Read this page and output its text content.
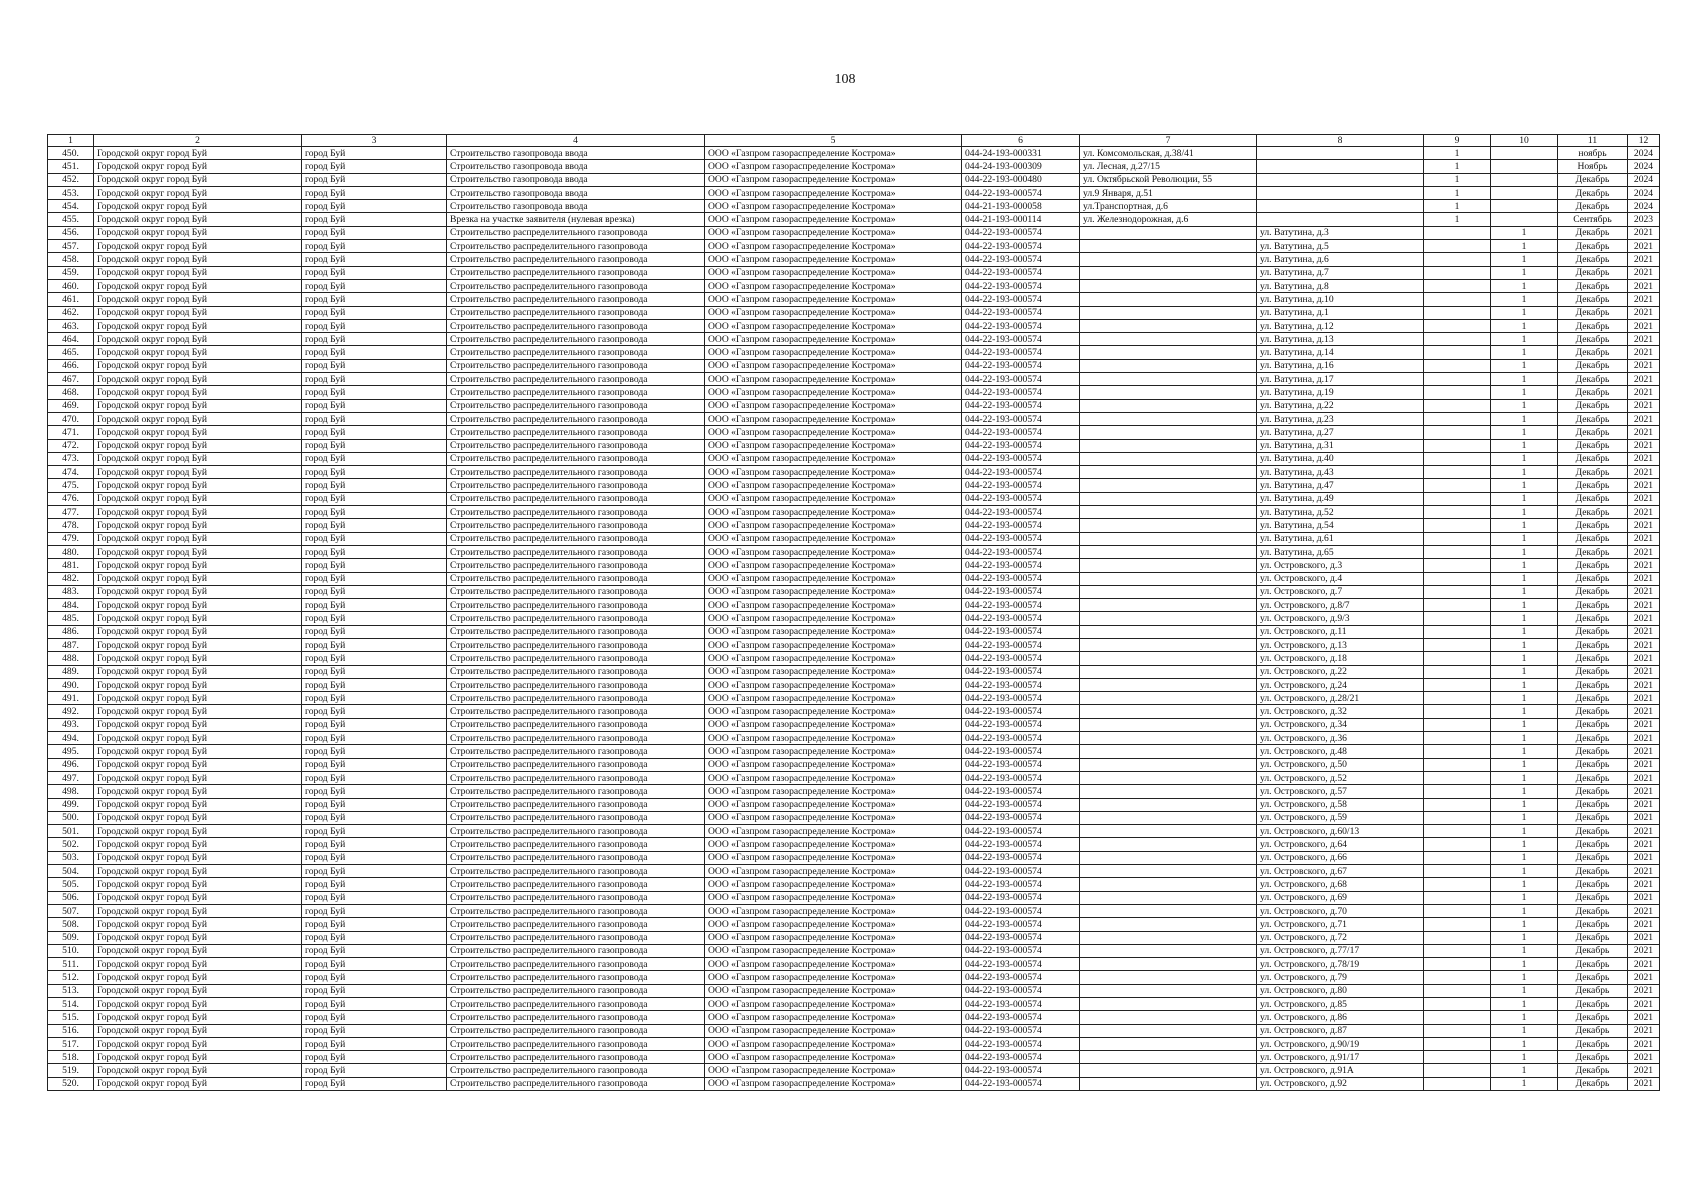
108
1	2	3	4	5	6	7	8	9	10	11	12
450.	Городской округ город Буй	город Буй	Строительство газопровода ввода	ООО «Газпром газораспределение Кострома»	044-24-193-000331	ул. Комсомольская, д.38/41		1		ноябрь	2024
451.	Городской округ город Буй	город Буй	Строительство газопровода ввода	ООО «Газпром газораспределение Кострома»	044-24-193-000309	ул. Лесная, д.27/15		1		Ноябрь	2024
452.	Городской округ город Буй	город Буй	Строительство газопровода ввода	ООО «Газпром газораспределение Кострома»	044-22-193-000480	ул. Октябрьской Революции, 55		1		Декабрь	2024
453.	Городской округ город Буй	город Буй	Строительство газопровода ввода	ООО «Газпром газораспределение Кострома»	044-22-193-000574	ул.9 Января, д.51		1		Декабрь	2024
454.	Городской округ город Буй	город Буй	Строительство газопровода ввода	ООО «Газпром газораспределение Кострома»	044-21-193-000058	ул.Транспортная, д.6		1		Декабрь	2024
455.	Городской округ город Буй	город Буй	Врезка на участке заявителя (нулевая врезка)	ООО «Газпром газораспределение Кострома»	044-21-193-000114	ул. Железнодорожная, д.6		1		Сентябрь	2023
456.	Городской округ город Буй	город Буй	Строительство распределительного газопровода	ООО «Газпром газораспределение Кострома»	044-22-193-000574		ул. Ватутина, д.3		1	Декабрь	2021
457.	Городской округ город Буй	город Буй	Строительство распределительного газопровода	ООО «Газпром газораспределение Кострома»	044-22-193-000574		ул. Ватутина, д.5		1	Декабрь	2021
458.	Городской округ город Буй	город Буй	Строительство распределительного газопровода	ООО «Газпром газораспределение Кострома»	044-22-193-000574		ул. Ватутина, д.6		1	Декабрь	2021
459.	Городской округ город Буй	город Буй	Строительство распределительного газопровода	ООО «Газпром газораспределение Кострома»	044-22-193-000574		ул. Ватутина, д.7		1	Декабрь	2021
460.	Городской округ город Буй	город Буй	Строительство распределительного газопровода	ООО «Газпром газораспределение Кострома»	044-22-193-000574		ул. Ватутина, д.8		1	Декабрь	2021
461.	Городской округ город Буй	город Буй	Строительство распределительного газопровода	ООО «Газпром газораспределение Кострома»	044-22-193-000574		ул. Ватутина, д.10		1	Декабрь	2021
462.	Городской округ город Буй	город Буй	Строительство распределительного газопровода	ООО «Газпром газораспределение Кострома»	044-22-193-000574		ул. Ватутина, д.1		1	Декабрь	2021
463.	Городской округ город Буй	город Буй	Строительство распределительного газопровода	ООО «Газпром газораспределение Кострома»	044-22-193-000574		ул. Ватутина, д.12		1	Декабрь	2021
464.	Городской округ город Буй	город Буй	Строительство распределительного газопровода	ООО «Газпром газораспределение Кострома»	044-22-193-000574		ул. Ватутина, д.13		1	Декабрь	2021
465.	Городской округ город Буй	город Буй	Строительство распределительного газопровода	ООО «Газпром газораспределение Кострома»	044-22-193-000574		ул. Ватутина, д.14		1	Декабрь	2021
466.	Городской округ город Буй	город Буй	Строительство распределительного газопровода	ООО «Газпром газораспределение Кострома»	044-22-193-000574		ул. Ватутина, д.16		1	Декабрь	2021
467.	Городской округ город Буй	город Буй	Строительство распределительного газопровода	ООО «Газпром газораспределение Кострома»	044-22-193-000574		ул. Ватутина, д.17		1	Декабрь	2021
468.	Городской округ город Буй	город Буй	Строительство распределительного газопровода	ООО «Газпром газораспределение Кострома»	044-22-193-000574		ул. Ватутина, д.19		1	Декабрь	2021
469.	Городской округ город Буй	город Буй	Строительство распределительного газопровода	ООО «Газпром газораспределение Кострома»	044-22-193-000574		ул. Ватутина, д.22		1	Декабрь	2021
470.	Городской округ город Буй	город Буй	Строительство распределительного газопровода	ООО «Газпром газораспределение Кострома»	044-22-193-000574		ул. Ватутина, д.23		1	Декабрь	2021
471.	Городской округ город Буй	город Буй	Строительство распределительного газопровода	ООО «Газпром газораспределение Кострома»	044-22-193-000574		ул. Ватутина, д.27		1	Декабрь	2021
472.	Городской округ город Буй	город Буй	Строительство распределительного газопровода	ООО «Газпром газораспределение Кострома»	044-22-193-000574		ул. Ватутина, д.31		1	Декабрь	2021
473.	Городской округ город Буй	город Буй	Строительство распределительного газопровода	ООО «Газпром газораспределение Кострома»	044-22-193-000574		ул. Ватутина, д.40		1	Декабрь	2021
474.	Городской округ город Буй	город Буй	Строительство распределительного газопровода	ООО «Газпром газораспределение Кострома»	044-22-193-000574		ул. Ватутина, д.43		1	Декабрь	2021
475.	Городской округ город Буй	город Буй	Строительство распределительного газопровода	ООО «Газпром газораспределение Кострома»	044-22-193-000574		ул. Ватутина, д.47		1	Декабрь	2021
476.	Городской округ город Буй	город Буй	Строительство распределительного газопровода	ООО «Газпром газораспределение Кострома»	044-22-193-000574		ул. Ватутина, д.49		1	Декабрь	2021
477.	Городской округ город Буй	город Буй	Строительство распределительного газопровода	ООО «Газпром газораспределение Кострома»	044-22-193-000574		ул. Ватутина, д.52		1	Декабрь	2021
478.	Городской округ город Буй	город Буй	Строительство распределительного газопровода	ООО «Газпром газораспределение Кострома»	044-22-193-000574		ул. Ватутина, д.54		1	Декабрь	2021
479.	Городской округ город Буй	город Буй	Строительство распределительного газопровода	ООО «Газпром газораспределение Кострома»	044-22-193-000574		ул. Ватутина, д.61		1	Декабрь	2021
480.	Городской округ город Буй	город Буй	Строительство распределительного газопровода	ООО «Газпром газораспределение Кострома»	044-22-193-000574		ул. Ватутина, д.65		1	Декабрь	2021
481.	Городской округ город Буй	город Буй	Строительство распределительного газопровода	ООО «Газпром газораспределение Кострома»	044-22-193-000574		ул. Островского, д.3		1	Декабрь	2021
482.	Городской округ город Буй	город Буй	Строительство распределительного газопровода	ООО «Газпром газораспределение Кострома»	044-22-193-000574		ул. Островского, д.4		1	Декабрь	2021
483.	Городской округ город Буй	город Буй	Строительство распределительного газопровода	ООО «Газпром газораспределение Кострома»	044-22-193-000574		ул. Островского, д.7		1	Декабрь	2021
484.	Городской округ город Буй	город Буй	Строительство распределительного газопровода	ООО «Газпром газораспределение Кострома»	044-22-193-000574		ул. Островского, д.8/7		1	Декабрь	2021
485.	Городской округ город Буй	город Буй	Строительство распределительного газопровода	ООО «Газпром газораспределение Кострома»	044-22-193-000574		ул. Островского, д.9/3		1	Декабрь	2021
486.	Городской округ город Буй	город Буй	Строительство распределительного газопровода	ООО «Газпром газораспределение Кострома»	044-22-193-000574		ул. Островского, д.11		1	Декабрь	2021
487.	Городской округ город Буй	город Буй	Строительство распределительного газопровода	ООО «Газпром газораспределение Кострома»	044-22-193-000574		ул. Островского, д.13		1	Декабрь	2021
488.	Городской округ город Буй	город Буй	Строительство распределительного газопровода	ООО «Газпром газораспределение Кострома»	044-22-193-000574		ул. Островского, д.18		1	Декабрь	2021
489.	Городской округ город Буй	город Буй	Строительство распределительного газопровода	ООО «Газпром газораспределение Кострома»	044-22-193-000574		ул. Островского, д.22		1	Декабрь	2021
490.	Городской округ город Буй	город Буй	Строительство распределительного газопровода	ООО «Газпром газораспределение Кострома»	044-22-193-000574		ул. Островского, д.24		1	Декабрь	2021
491.	Городской округ город Буй	город Буй	Строительство распределительного газопровода	ООО «Газпром газораспределение Кострома»	044-22-193-000574		ул. Островского, д.28/21		1	Декабрь	2021
492.	Городской округ город Буй	город Буй	Строительство распределительного газопровода	ООО «Газпром газораспределение Кострома»	044-22-193-000574		ул. Островского, д.32		1	Декабрь	2021
493.	Городской округ город Буй	город Буй	Строительство распределительного газопровода	ООО «Газпром газораспределение Кострома»	044-22-193-000574		ул. Островского, д.34		1	Декабрь	2021
494.	Городской округ город Буй	город Буй	Строительство распределительного газопровода	ООО «Газпром газораспределение Кострома»	044-22-193-000574		ул. Островского, д.36		1	Декабрь	2021
495.	Городской округ город Буй	город Буй	Строительство распределительного газопровода	ООО «Газпром газораспределение Кострома»	044-22-193-000574		ул. Островского, д.48		1	Декабрь	2021
496.	Городской округ город Буй	город Буй	Строительство распределительного газопровода	ООО «Газпром газораспределение Кострома»	044-22-193-000574		ул. Островского, д.50		1	Декабрь	2021
497.	Городской округ город Буй	город Буй	Строительство распределительного газопровода	ООО «Газпром газораспределение Кострома»	044-22-193-000574		ул. Островского, д.52		1	Декабрь	2021
498.	Городской округ город Буй	город Буй	Строительство распределительного газопровода	ООО «Газпром газораспределение Кострома»	044-22-193-000574		ул. Островского, д.57		1	Декабрь	2021
499.	Городской округ город Буй	город Буй	Строительство распределительного газопровода	ООО «Газпром газораспределение Кострома»	044-22-193-000574		ул. Островского, д.58		1	Декабрь	2021
500.	Городской округ город Буй	город Буй	Строительство распределительного газопровода	ООО «Газпром газораспределение Кострома»	044-22-193-000574		ул. Островского, д.59		1	Декабрь	2021
501.	Городской округ город Буй	город Буй	Строительство распределительного газопровода	ООО «Газпром газораспределение Кострома»	044-22-193-000574		ул. Островского, д.60/13		1	Декабрь	2021
502.	Городской округ город Буй	город Буй	Строительство распределительного газопровода	ООО «Газпром газораспределение Кострома»	044-22-193-000574		ул. Островского, д.64		1	Декабрь	2021
503.	Городской округ город Буй	город Буй	Строительство распределительного газопровода	ООО «Газпром газораспределение Кострома»	044-22-193-000574		ул. Островского, д.66		1	Декабрь	2021
504.	Городской округ город Буй	город Буй	Строительство распределительного газопровода	ООО «Газпром газораспределение Кострома»	044-22-193-000574		ул. Островского, д.67		1	Декабрь	2021
505.	Городской округ город Буй	город Буй	Строительство распределительного газопровода	ООО «Газпром газораспределение Кострома»	044-22-193-000574		ул. Островского, д.68		1	Декабрь	2021
506.	Городской округ город Буй	город Буй	Строительство распределительного газопровода	ООО «Газпром газораспределение Кострома»	044-22-193-000574		ул. Островского, д.69		1	Декабрь	2021
507.	Городской округ город Буй	город Буй	Строительство распределительного газопровода	ООО «Газпром газораспределение Кострома»	044-22-193-000574		ул. Островского, д.70		1	Декабрь	2021
508.	Городской округ город Буй	город Буй	Строительство распределительного газопровода	ООО «Газпром газораспределение Кострома»	044-22-193-000574		ул. Островского, д.71		1	Декабрь	2021
509.	Городской округ город Буй	город Буй	Строительство распределительного газопровода	ООО «Газпром газораспределение Кострома»	044-22-193-000574		ул. Островского, д.72		1	Декабрь	2021
510.	Городской округ город Буй	город Буй	Строительство распределительного газопровода	ООО «Газпром газораспределение Кострома»	044-22-193-000574		ул. Островского, д.77/17		1	Декабрь	2021
511.	Городской округ город Буй	город Буй	Строительство распределительного газопровода	ООО «Газпром газораспределение Кострома»	044-22-193-000574		ул. Островского, д.78/19		1	Декабрь	2021
512.	Городской округ город Буй	город Буй	Строительство распределительного газопровода	ООО «Газпром газораспределение Кострома»	044-22-193-000574		ул. Островского, д.79		1	Декабрь	2021
513.	Городской округ город Буй	город Буй	Строительство распределительного газопровода	ООО «Газпром газораспределение Кострома»	044-22-193-000574		ул. Островского, д.80		1	Декабрь	2021
514.	Городской округ город Буй	город Буй	Строительство распределительного газопровода	ООО «Газпром газораспределение Кострома»	044-22-193-000574		ул. Островского, д.85		1	Декабрь	2021
515.	Городской округ город Буй	город Буй	Строительство распределительного газопровода	ООО «Газпром газораспределение Кострома»	044-22-193-000574		ул. Островского, д.86		1	Декабрь	2021
516.	Городской округ город Буй	город Буй	Строительство распределительного газопровода	ООО «Газпром газораспределение Кострома»	044-22-193-000574		ул. Островского, д.87		1	Декабрь	2021
517.	Городской округ город Буй	город Буй	Строительство распределительного газопровода	ООО «Газпром газораспределение Кострома»	044-22-193-000574		ул. Островского, д.90/19		1	Декабрь	2021
518.	Городской округ город Буй	город Буй	Строительство распределительного газопровода	ООО «Газпром газораспределение Кострома»	044-22-193-000574		ул. Островского, д.91/17		1	Декабрь	2021
519.	Городской округ город Буй	город Буй	Строительство распределительного газопровода	ООО «Газпром газораспределение Кострома»	044-22-193-000574		ул. Островского, д.91А		1	Декабрь	2021
520.	Городской округ город Буй	город Буй	Строительство распределительного газопровода	ООО «Газпром газораспределение Кострома»	044-22-193-000574		ул. Островского, д.92		1	Декабрь	2021
